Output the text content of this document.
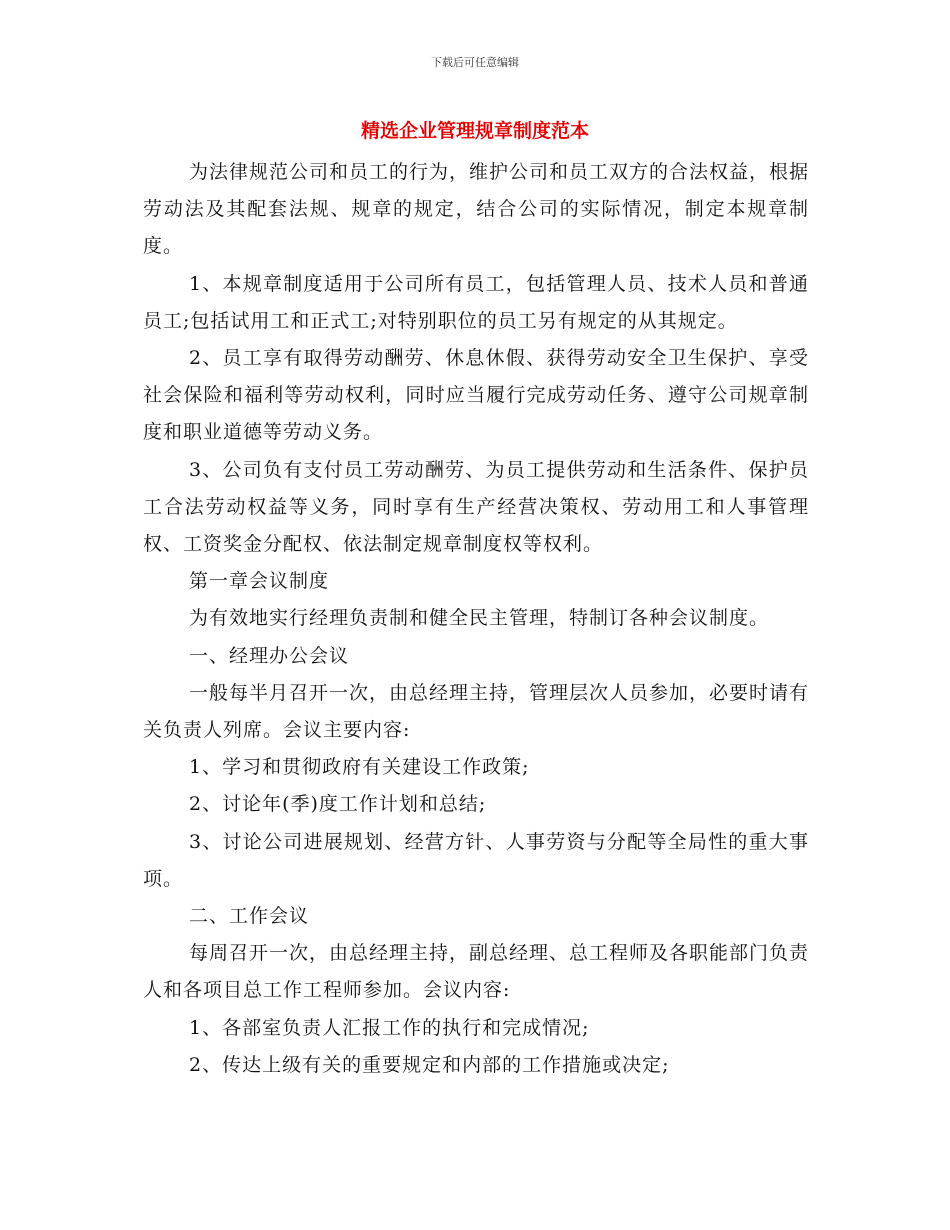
下载后可任意编辑
精选企业管理规章制度范本

为法律规范公司和员工的行为，维护公司和员工双方的合法权益，根据劳动法及其配套法规、规章的规定，结合公司的实际情况，制定本规章制度。

1、本规章制度适用于公司所有员工，包括管理人员、技术人员和普通员工;包括试用工和正式工;对特别职位的员工另有规定的从其规定。

2、员工享有取得劳动酬劳、休息休假、获得劳动安全卫生保护、享受社会保险和福利等劳动权利，同时应当履行完成劳动任务、遵守公司规章制度和职业道德等劳动义务。

3、公司负有支付员工劳动酬劳、为员工提供劳动和生活条件、保护员工合法劳动权益等义务，同时享有生产经营决策权、劳动用工和人事管理权、工资奖金分配权、依法制定规章制度权等权利。

第一章会议制度

为有效地实行经理负责制和健全民主管理，特制订各种会议制度。

一、经理办公会议

一般每半月召开一次，由总经理主持，管理层次人员参加，必要时请有关负责人列席。会议主要内容:

1、学习和贯彻政府有关建设工作政策;

2、讨论年(季)度工作计划和总结;

3、讨论公司进展规划、经营方针、人事劳资与分配等全局性的重大事项。

二、工作会议

每周召开一次，由总经理主持，副总经理、总工程师及各职能部门负责人和各项目总工作工程师参加。会议内容:

1、各部室负责人汇报工作的执行和完成情况;

2、传达上级有关的重要规定和内部的工作措施或决定;
